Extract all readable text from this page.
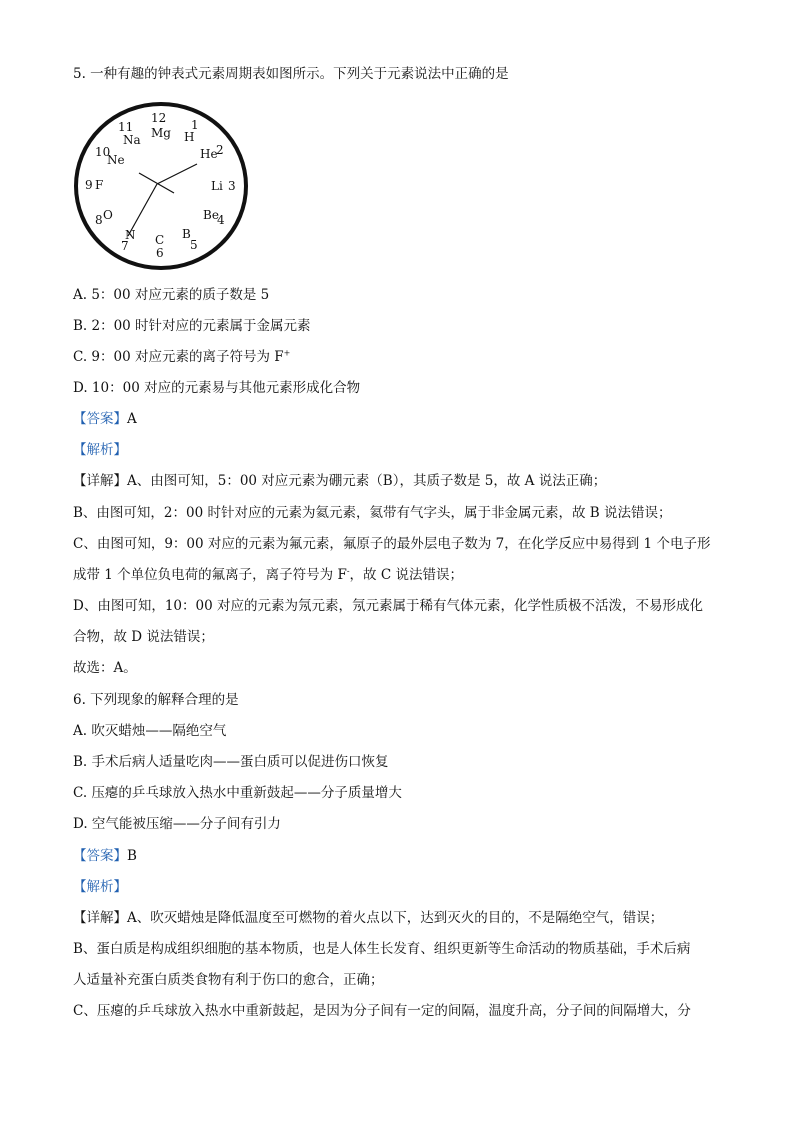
5. 一种有趣的钟表式元素周期表如图所示。下列关于元素说法中正确的是
12
Mg
11
Na
1
H
He
2
10
Ne
9 F	Li 3
8 O	Be
4
N
7 C
6
B
5
A. 5：00 对应元素的质子数是 5
B. 2：00 时针对应的元素属于金属元素
C. 9：00 对应元素的离子符号为 F+
D. 10：00 对应的元素易与其他元素形成化合物
【答案】A
【解析】
【详解】A、由图可知，5：00 对应元素为硼元素（B），其质子数是 5，故 A 说法正确；
B、由图可知，2：00 时针对应的元素为氦元素，氦带有气字头，属于非金属元素，故 B 说法错误；
C、由图可知，9：00 对应的元素为氟元素，氟原子的最外层电子数为 7，在化学反应中易得到 1 个电子形
成带 1 个单位负电荷的氟离子，离子符号为 F-，故 C 说法错误；
D、由图可知，10：00 对应的元素为氖元素，氖元素属于稀有气体元素，化学性质极不活泼，不易形成化
合物，故 D 说法错误；
故选：A。
6. 下列现象的解释合理的是
A. 吹灭蜡烛——隔绝空气
B. 手术后病人适量吃肉——蛋白质可以促进伤口恢复
C. 压瘪的乒乓球放入热水中重新鼓起——分子质量增大
D. 空气能被压缩——分子间有引力
【答案】B
【解析】
【详解】A、吹灭蜡烛是降低温度至可燃物的着火点以下，达到灭火的目的，不是隔绝空气，错误；
B、蛋白质是构成组织细胞的基本物质，也是人体生长发育、组织更新等生命活动的物质基础，手术后病
人适量补充蛋白质类食物有利于伤口的愈合，正确；
C、压瘪的乒乓球放入热水中重新鼓起，是因为分子间有一定的间隔，温度升高，分子间的间隔增大，分
